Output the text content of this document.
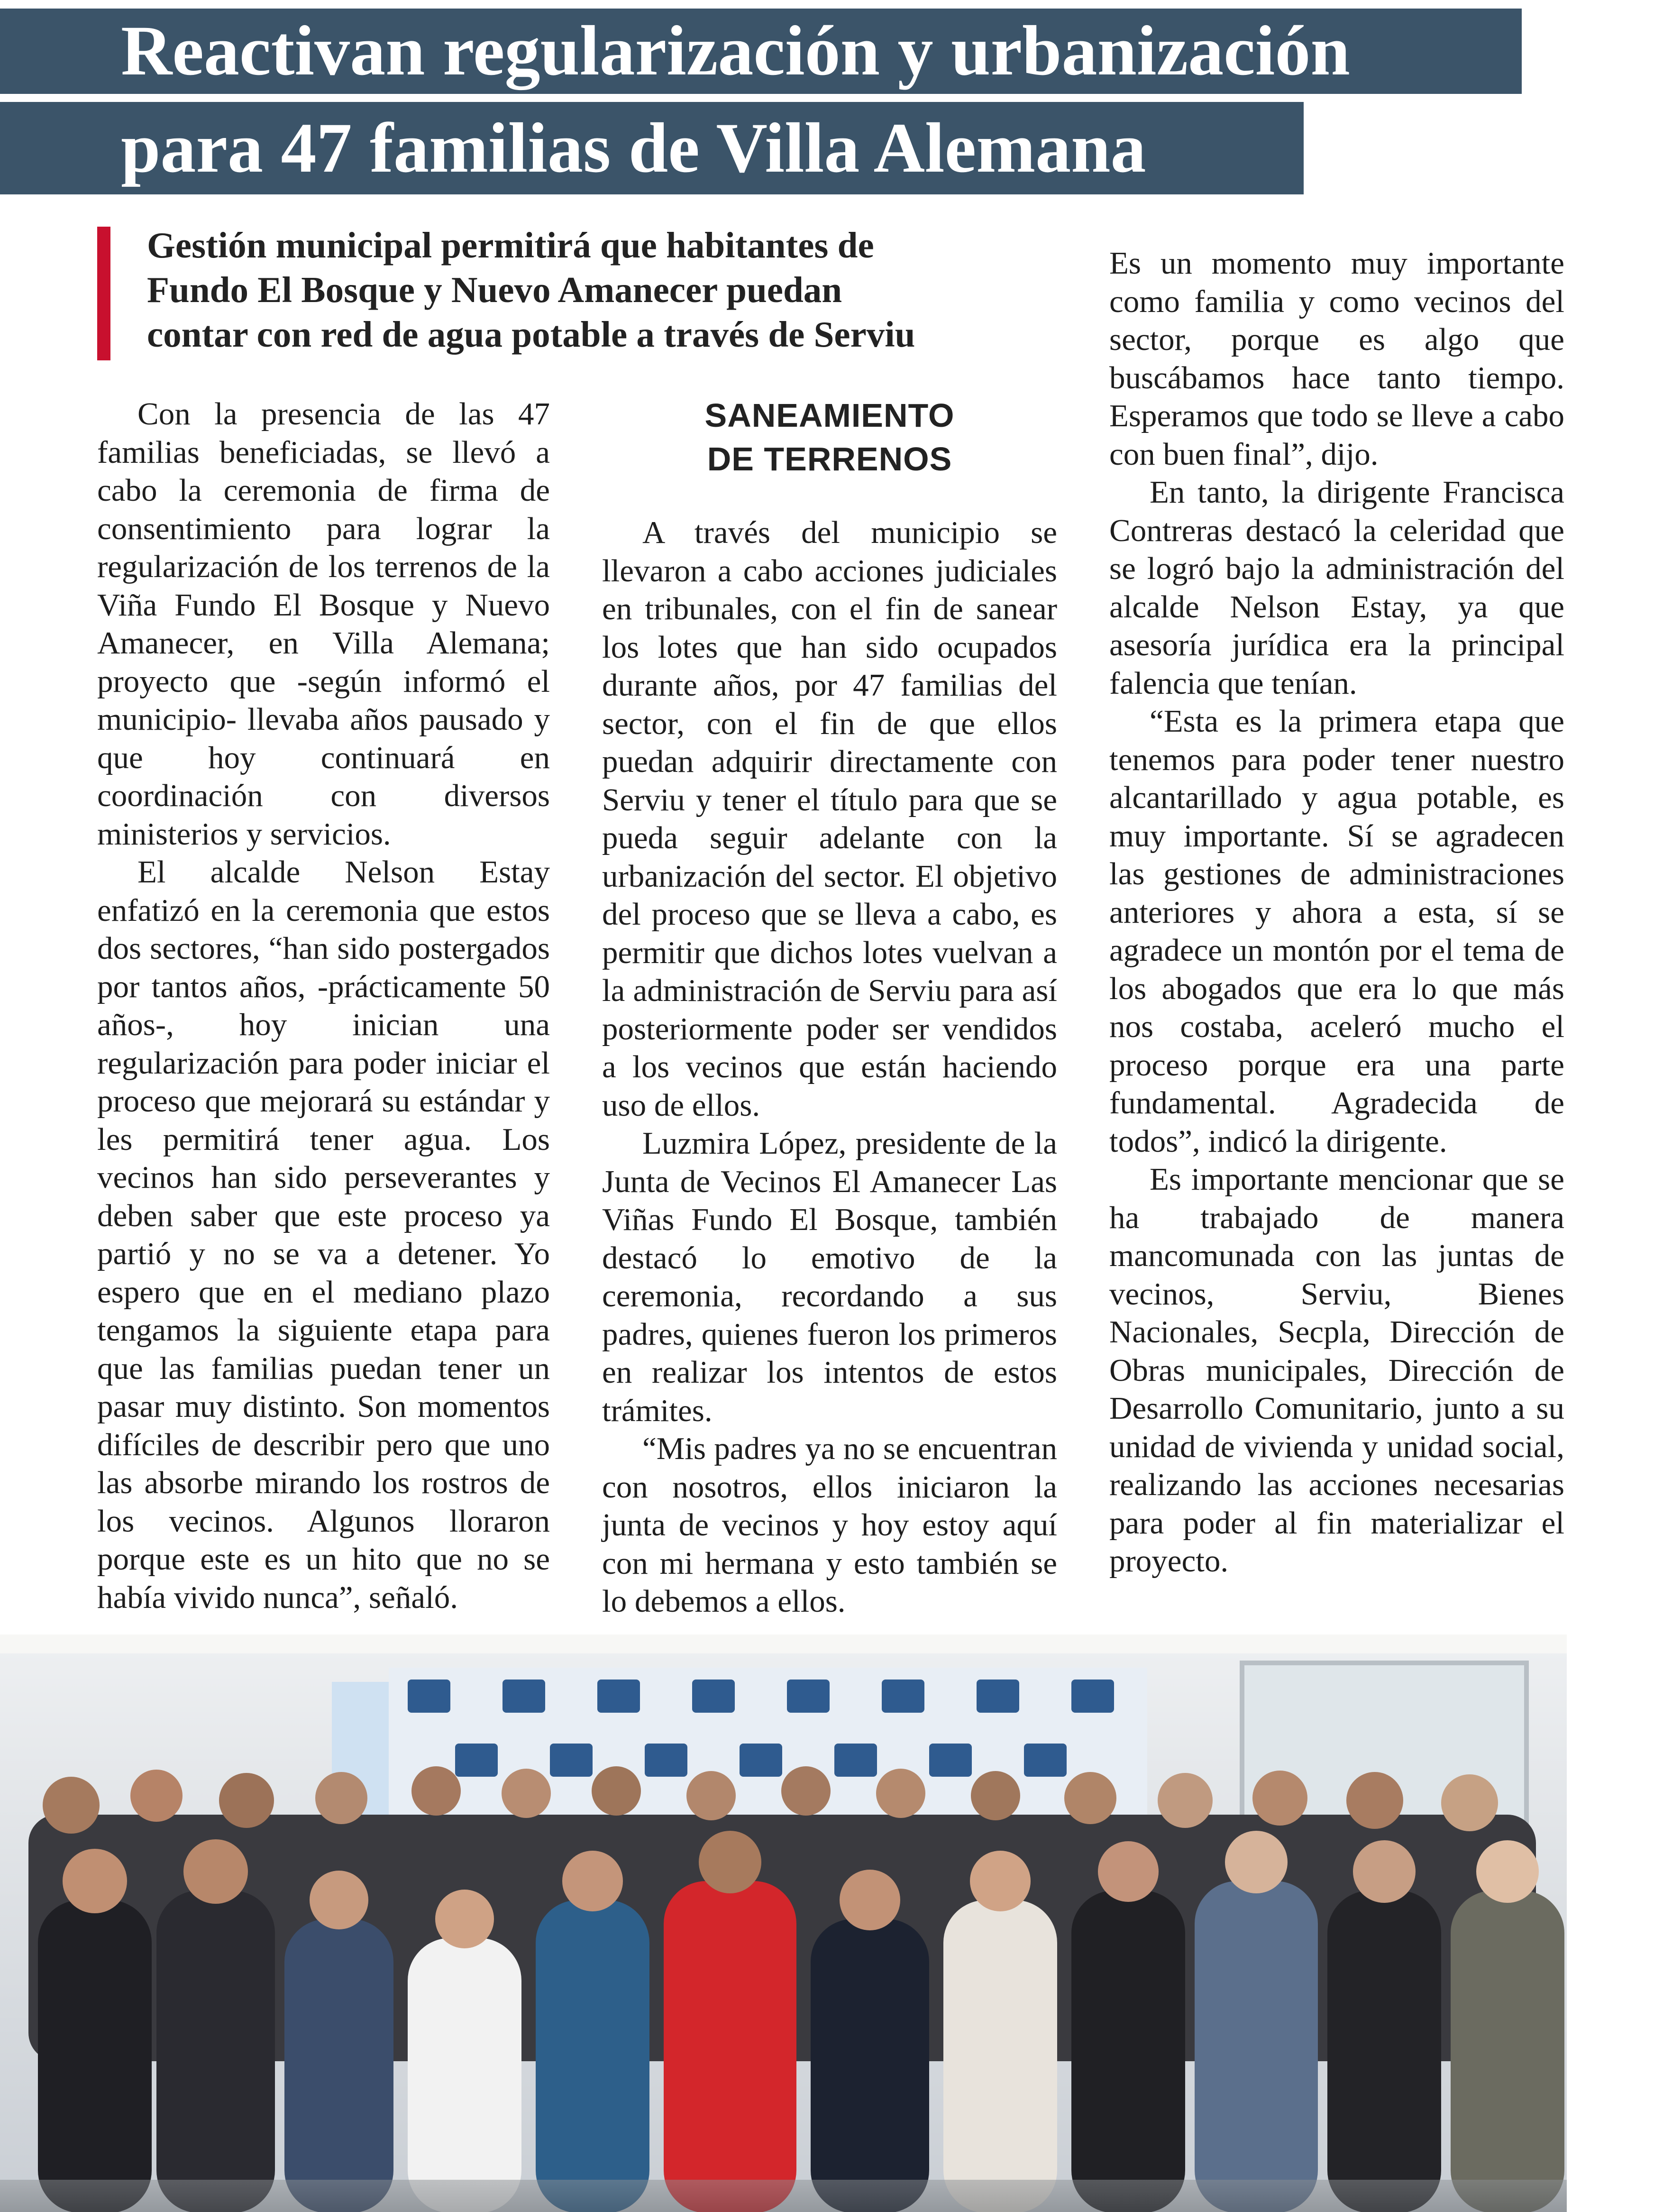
Reactivan regularización y urbanización
para 47 familias de Villa Alemana
Gestión municipal permitirá que habitantes de
Fundo El Bosque y Nuevo Amanecer puedan
contar con red de agua potable a través de Serviu

Con la presencia de las 47 familias beneficiadas, se llevó a cabo la ceremonia de firma de consentimiento para lograr la regularización de los terrenos de la Viña Fundo El Bosque y Nuevo Amanecer, en Villa Alemana; proyecto que -según informó el municipio- llevaba años pausado y que hoy continuará en coordinación con diversos ministerios y servicios.

El alcalde Nelson Estay enfatizó en la ceremonia que estos dos sectores, “han sido postergados por tantos años, -prácticamente 50 años-, hoy inician una regularización para poder iniciar el proceso que mejorará su estándar y les permitirá tener agua. Los vecinos han sido perseverantes y deben saber que este proceso ya partió y no se va a detener. Yo espero que en el mediano plazo tengamos la siguiente etapa para que las familias puedan tener un pasar muy distinto. Son momentos difíciles de describir pero que uno las absorbe mirando los rostros de los vecinos. Algunos lloraron porque este es un hito que no se había vivido nunca”, señaló.

SANEAMIENTO
DE TERRENOS

A través del municipio se llevaron a cabo acciones judiciales en tribunales, con el fin de sanear los lotes que han sido ocupados durante años, por 47 familias del sector, con el fin de que ellos puedan adquirir directamente con Serviu y tener el título para que se pueda seguir adelante con la urbanización del sector. El objetivo del proceso que se lleva a cabo, es permitir que dichos lotes vuelvan a la administración de Serviu para así posteriormente poder ser vendidos a los vecinos que están haciendo uso de ellos.

Luzmira López, presidente de la Junta de Vecinos El Amanecer Las Viñas Fundo El Bosque, también destacó lo emotivo de la ceremonia, recordando a sus padres, quienes fueron los primeros en realizar los intentos de estos trámites.

“Mis padres ya no se encuentran con nosotros, ellos iniciaron la junta de vecinos y hoy estoy aquí con mi hermana y esto también se lo debemos a ellos.

Es un momento muy importante como familia y como vecinos del sector, porque es algo que buscábamos hace tanto tiempo. Esperamos que todo se lleve a cabo con buen final”, dijo.

En tanto, la dirigente Francisca Contreras destacó la celeridad que se logró bajo la administración del alcalde Nelson Estay, ya que asesoría jurídica era la principal falencia que tenían.

“Esta es la primera etapa que tenemos para poder tener nuestro alcantarillado y agua potable, es muy importante. Sí se agradecen las gestiones de administraciones anteriores y ahora a esta, sí se agradece un montón por el tema de los abogados que era lo que más nos costaba, aceleró mucho el proceso porque era una parte fundamental. Agradecida de todos”, indicó la dirigente.

Es importante mencionar que se ha trabajado de manera mancomunada con las juntas de vecinos, Serviu, Bienes Nacionales, Secpla, Dirección de Obras municipales, Dirección de Desarrollo Comunitario, junto a su unidad de vivienda y unidad social, realizando las acciones necesarias para poder al fin materializar el proyecto.
